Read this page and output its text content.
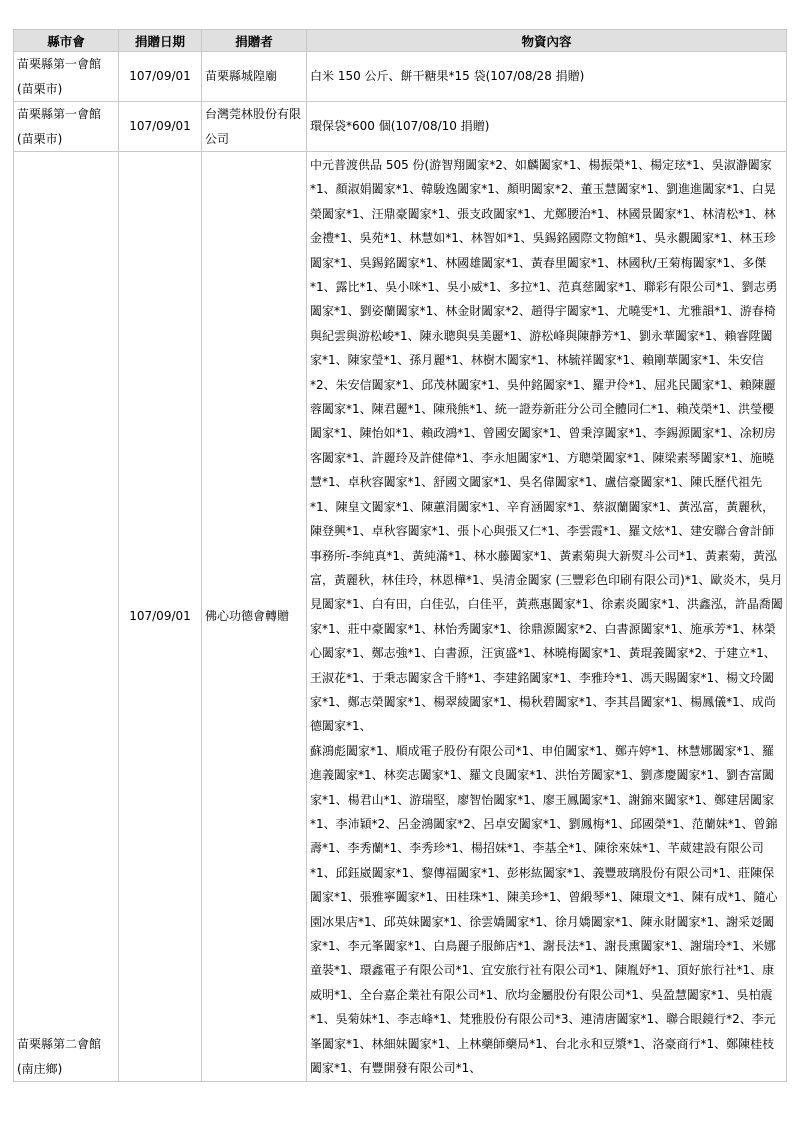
縣市會	捐贈日期	捐贈者	物資內容
苗栗縣第一會館(苗栗市)	107/09/01	苗栗縣城隍廟	白米 150 公斤、餅干糖果*15 袋(107/08/28 捐贈)
苗栗縣第一會館(苗栗市)	107/09/01	台灣莞林股份有限公司	環保袋*600 個(107/08/10 捐贈)
苗栗縣第二會館(南庄鄉)	107/09/01	佛心功德會轉贈	中元普渡供品 505 份(游智翔闔家*2、如麟闔家*1、楊振榮*1、楊定玹*1、吳淑瀞闔家*1、顏淑娟闔家*1、韓駿逸闔家*1、顏明闔家*2、董玉慧闔家*1、劉進進闔家*1、白晃榮闔家*1、汪鼎豪闔家*1、張支政闔家*1、尤鄭腰治*1、林國景闔家*1、林清松*1、林金禮*1、吳苑*1、林慧如*1、林智如*1、吳錫銘國際文物館*1、吳永觀闔家*1、林玉珍闔家*1、吳錫銘闔家*1、林國雄闔家*1、黃春里闔家*1、林國秋/王菊梅闔家*1、多傑*1、露比*1、吳小咪*1、吳小威*1、多拉*1、范真慈闔家*1、聯彩有限公司*1、劉志勇闔家*1、劉姿蘭闔家*1、林金財闔家*2、趙得宇闔家*1、尤曉雯*1、尤雅韻*1、游春椅與紀雲與游松峻*1、陳永聰與吳美麗*1、游松峰與陳靜芳*1、劉永華闔家*1、賴睿陞闔家*1、陳家瑩*1、孫月麗*1、林樹木闔家*1、林毓祥闔家*1、賴剛華闔家*1、朱安信*2、朱安信闔家*1、邱茂林闔家*1、吳仲銘闔家*1、羅尹伶*1、屈兆民闔家*1、賴陳麗蓉闔家*1、陳君麗*1、陳飛熊*1、統一證券新莊分公司全體同仁*1、賴茂榮*1、洪瑩櫻闔家*1、陳怡如*1、賴政鴻*1、曾國安闔家*1、曾秉淳闔家*1、李錫源闔家*1、凃籾房客闔家*1、許麗玲及許健偉*1、李永旭闔家*1、方聰榮闔家*1、陳梁素琴闔家*1、施曉慧*1、卓秋容闔家*1、舒國文闔家*1、吳名偉闔家*1、盧信豪闔家*1、陳氏歷代祖先*1、陳皇文闔家*1、陳蕙涓闔家*1、辛育涵闔家*1、蔡淑蘭闔家*1、黃泓富，黃麗秋，陳登興*1、卓秋容闔家*1、張卜心與張又仁*1、李雲霞*1、羅文炫*1、建安聯合會計師事務所-李純真*1、黃純滿*1、林水藤闔家*1、黃素菊與大新熨斗公司*1、黃素菊，黃泓富，黃麗秋，林佳玲，林恩樺*1、吳清金闔家 (三豐彩色印刷有限公司)*1、歐炎木，吳月見闔家*1、白有田，白佳弘，白佳平，黃燕惠闔家*1、徐素炎闔家*1、洪鑫泓，許晶喬闔家*1、莊中豪闔家*1、林怡秀闔家*1、徐鼎源闔家*2、白書源闔家*1、施承芳*1、林榮心闔家*1、鄭志強*1、白書源，汪寅盛*1、林曉梅闔家*1、黃琨義闔家*2、于建立*1、王淑花*1、于秉志闔家含千將*1、李建銘闔家*1、李雅玲*1、馮天賜闔家*1、楊文玲闔家*1、鄭志榮闔家*1、楊翠綾闔家*1、楊秋碧闔家*1、李其昌闔家*1、楊鳳儀*1、成尚德闔家*1、
蘇鴻彪闔家*1、順成電子股份有限公司*1、申伯闔家*1、鄭卉婷*1、林慧娜闔家*1、羅進義闔家*1、林奕志闔家*1、羅文良闔家*1、洪怡芳闔家*1、劉彥慶闔家*1、劉杏富闔家*1、楊君山*1、游瑞堅，廖智怡闔家*1、廖王鳳闔家*1、謝錦來闔家*1、鄭建居闔家*1、李沛穎*2、呂金鴻闔家*2、呂卓安闔家*1、劉鳳梅*1、邱國榮*1、范蘭妹*1、曾錦壽*1、李秀蘭*1、李秀珍*1、楊招妹*1、李基全*1、陳徐來妹*1、芊葳建設有限公司*1、邱鈺崴闔家*1、黎傳福闔家*1、彭彬紘闔家*1、義豐玻璃股份有限公司*1、莊陳保闔家*1、張雅寧闔家*1、田桂珠*1、陳美珍*1、曾緞琴*1、陳環文*1、陳有成*1、隨心園冰果店*1、邱英妹闔家*1、徐雲嬌闔家*1、徐月嬌闔家*1、陳永財闔家*1、謝采彣闔家*1、李元峯闔家*1、白鳥麗子服飾店*1、謝長法*1、謝長熏闔家*1、謝瑞玲*1、米娜童裝*1、環鑫電子有限公司*1、宜安旅行社有限公司*1、陳胤妤*1、頂好旅行社*1、康威明*1、全台嘉企業社有限公司*1、欣均金屬股份有限公司*1、吳盈慧闔家*1、吳柏震*1、吳菊妹*1、李志峰*1、梵雅股份有限公司*3、連清唐闔家*1、聯合眼鏡行*2、李元峯闔家*1、林細妹闔家*1、上林藥師藥局*1、台北永和豆漿*1、洛豪商行*1、鄭陳桂枝闔家*1、有豐開發有限公司*1、
